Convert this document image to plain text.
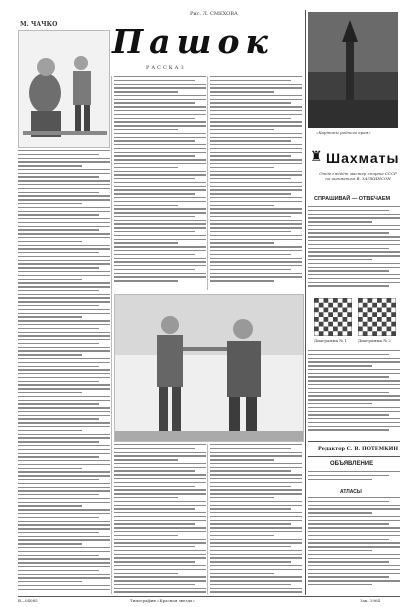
М. ЧАЧКО
Рис. Л. СМЕХОВА
Пашок
РАССКАЗ
«Картины родного края»
♜ Шахматы
Отдел ведёт мастер спорта СССР по шахматам В. ЗАЛКИНСОН
СПРАШИВАЙ — ОТВЕЧАЕМ
Диаграмма № 1	Диаграмма № 2
Редактор С. В. ПОТЕМКИН
ОБЪЯВЛЕНИЕ
АТЛАСЫ
В—04085	Типография «Красная звезда»	Зак. 2064
